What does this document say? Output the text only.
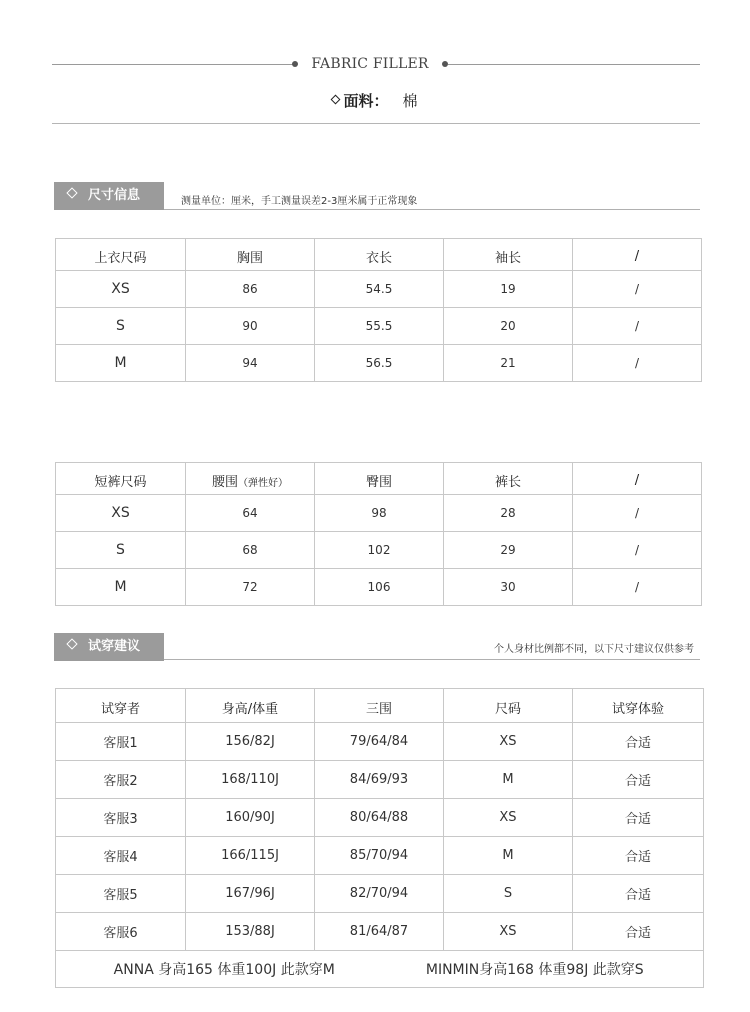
FABRIC FILLER
面料： 棉
尺寸信息	测量单位：厘米，手工测量误差2-3厘米属于正常现象
上衣尺码	胸围	衣长	袖长	/
XS	86	54.5	19	/
S	90	55.5	20	/
M	94	56.5	21	/
短裤尺码	腰围（弹性好）	臀围	裤长	/
XS	64	98	28	/
S	68	102	29	/
M	72	106	30	/
试穿建议	个人身材比例都不同，以下尺寸建议仅供参考
试穿者	身高/体重	三围	尺码	试穿体验
客服1	156/82J	79/64/84	XS	合适
客服2	168/110J	84/69/93	M	合适
客服3	160/90J	80/64/88	XS	合适
客服4	166/115J	85/70/94	M	合适
客服5	167/96J	82/70/94	S	合适
客服6	153/88J	81/64/87	XS	合适
ANNA 身高165 体重100J 此款穿M MINMIN身高168 体重98J 此款穿S				
